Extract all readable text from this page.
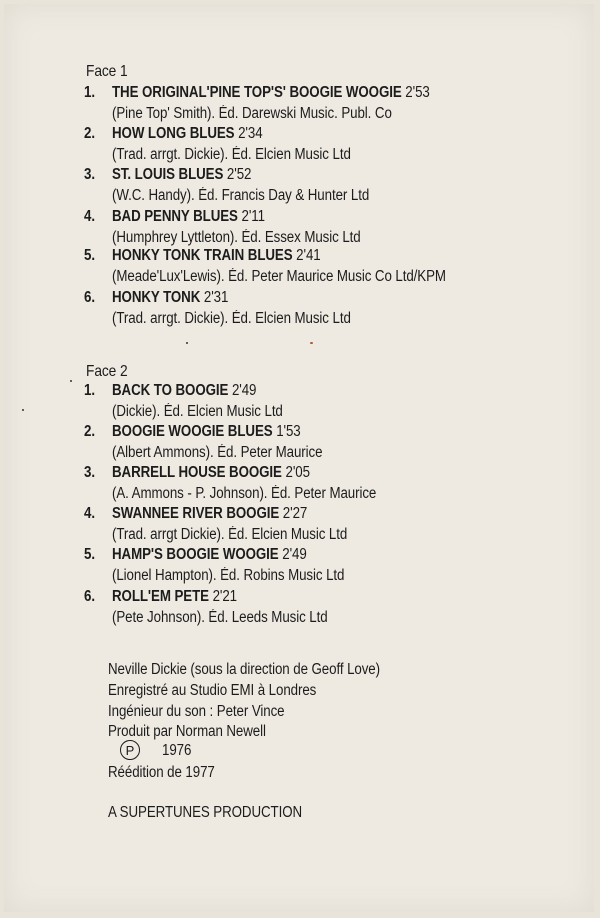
Face 1
1. THE ORIGINAL'PINE TOP'S' BOOGIE WOOGIE 2'53
(Pine Top' Smith). Éd. Darewski Music. Publ. Co
2. HOW LONG BLUES 2'34
(Trad. arrgt. Dickie). Éd. Elcien Music Ltd
3. ST. LOUIS BLUES 2'52
(W.C. Handy). Éd. Francis Day & Hunter Ltd
4. BAD PENNY BLUES 2'11
(Humphrey Lyttleton). Éd. Essex Music Ltd
5. HONKY TONK TRAIN BLUES 2'41
(Meade'Lux'Lewis). Éd. Peter Maurice Music Co Ltd/KPM
6. HONKY TONK 2'31
(Trad. arrgt. Dickie). Éd. Elcien Music Ltd
Face 2
1. BACK TO BOOGIE 2'49
(Dickie). Éd. Elcien Music Ltd
2. BOOGIE WOOGIE BLUES 1'53
(Albert Ammons). Éd. Peter Maurice
3. BARRELL HOUSE BOOGIE 2'05
(A. Ammons - P. Johnson). Éd. Peter Maurice
4. SWANNEE RIVER BOOGIE 2'27
(Trad. arrgt Dickie). Éd. Elcien Music Ltd
5. HAMP'S BOOGIE WOOGIE 2'49
(Lionel Hampton). Éd. Robins Music Ltd
6. ROLL'EM PETE 2'21
(Pete Johnson). Éd. Leeds Music Ltd
Neville Dickie (sous la direction de Geoff Love)
Enregistré au Studio EMI à Londres
Ingénieur du son : Peter Vince
Produit par Norman Newell
P	1976
Réédition de 1977
A SUPERTUNES PRODUCTION
